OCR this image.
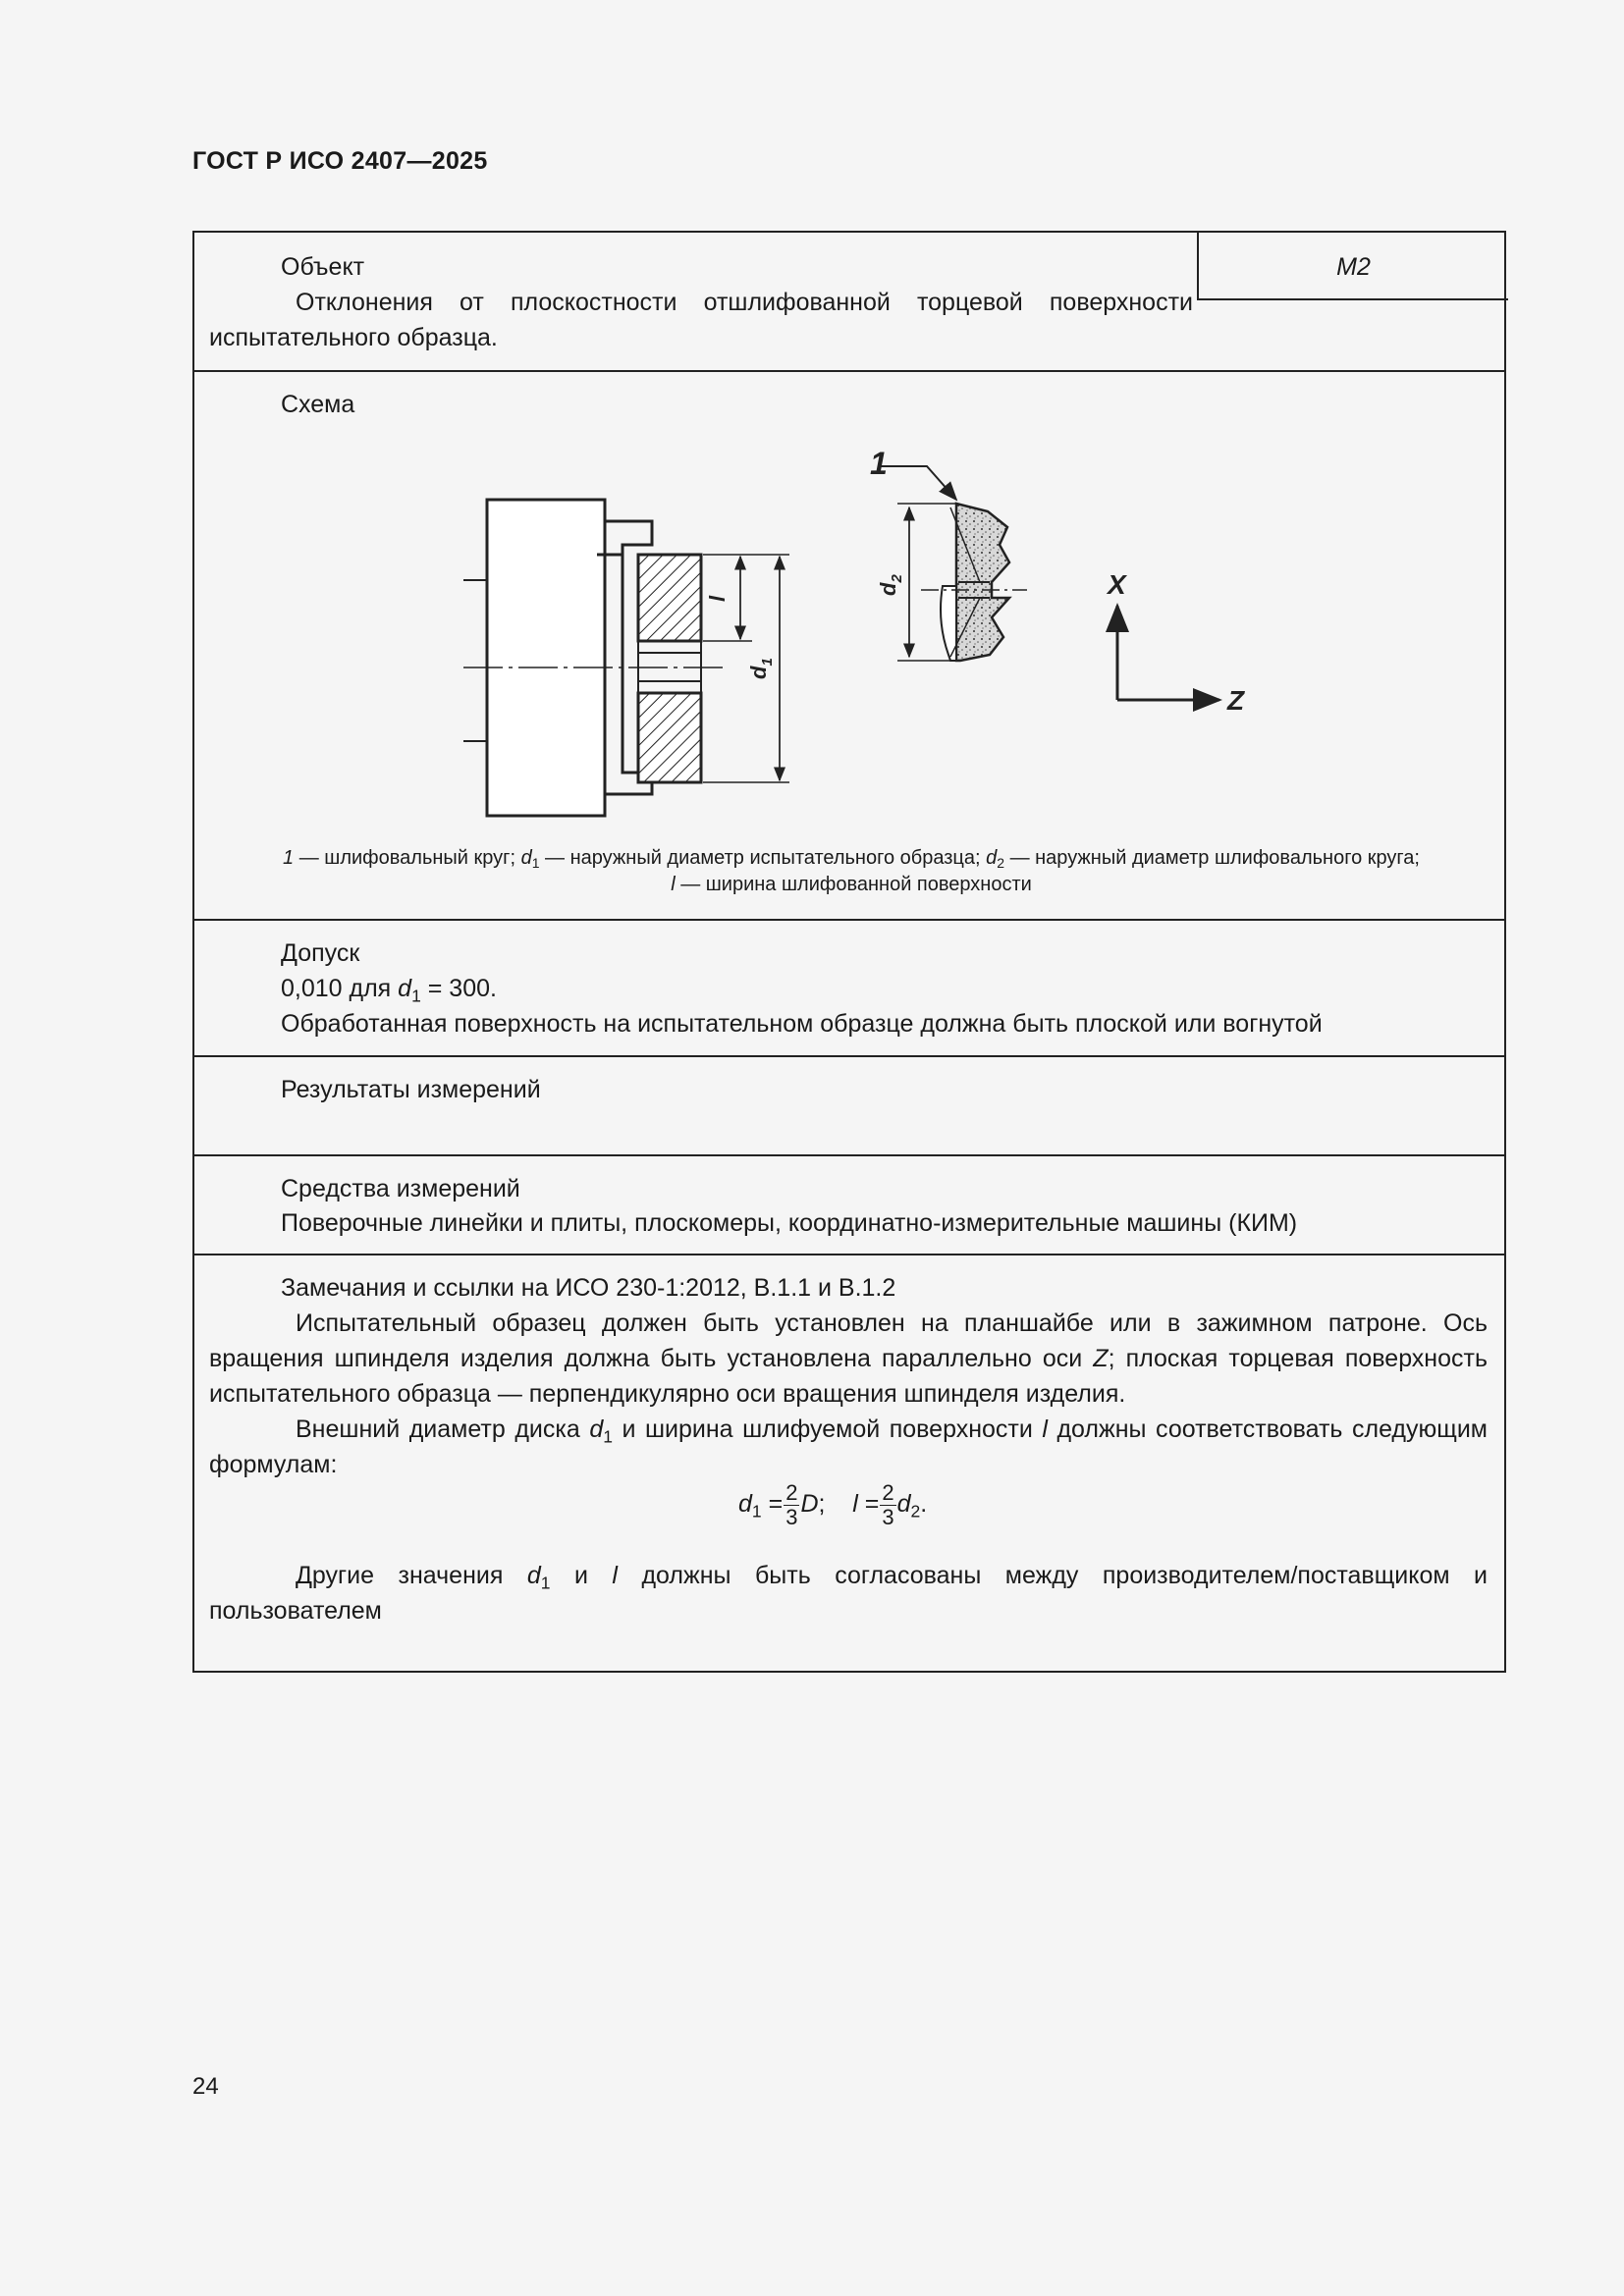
ГОСТ Р ИСО 2407—2025
M2
Объект
Отклонения от плоскостности отшлифованной торцевой поверхности испытательного образца.
Схема
1
l
$d_1$
$d_2$	X
Z
1 — шлифовальный круг; $d_1$ — наружный диаметр испытательного образца; $d_2$ — наружный диаметр шлифовального круга;
l — ширина шлифованной поверхности
Допуск
0,010 для $d_1 = 300$.
Обработанная поверхность на испытательном образце должна быть плоской или вогнутой
Результаты измерений
Средства измерений
Поверочные линейки и плиты, плоскомеры, координатно-измерительные машины (КИМ)
Замечания и ссылки на ИСО 230-1:2012, В.1.1 и В.1.2
Испытательный образец должен быть установлен на планшайбе или в зажимном патроне. Ось вращения шпинделя изделия должна быть установлена параллельно оси Z; плоская торцевая поверхность испытательного образца — перпендикулярно оси вращения шпинделя изделия.
Внешний диаметр диска $d_1$ и ширина шлифуемой поверхности l должны соответствовать следующим формулам:
$d_1 = \frac{2}{3} D$; $l = \frac{2}{3} d_2$.
Другие значения $d_1$ и l должны быть согласованы между производителем/поставщиком и пользователем
24
